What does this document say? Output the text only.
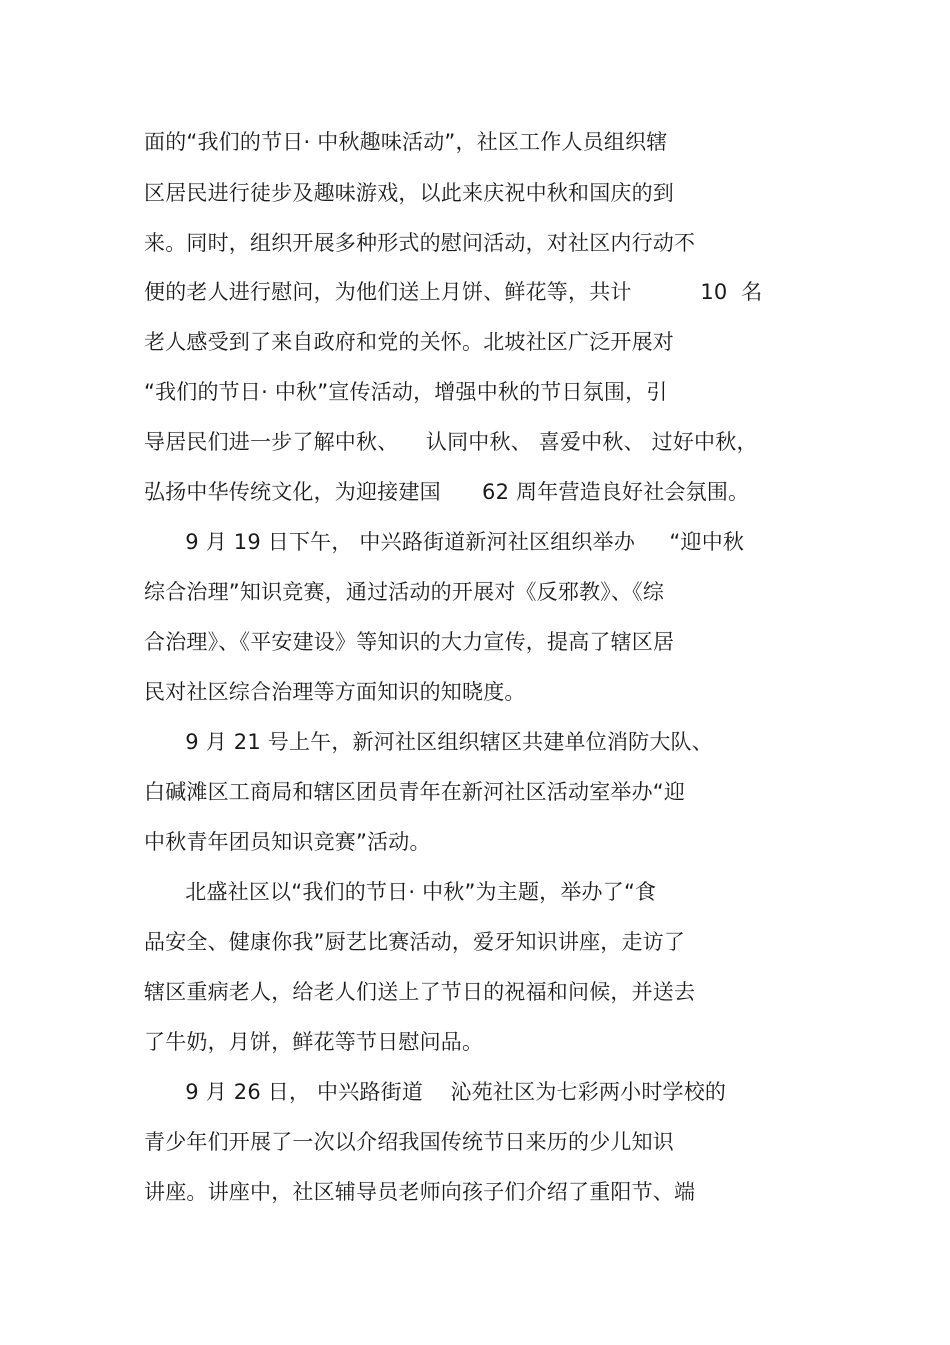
面的“我们的节日· 中秋趣味活动”，社区工作人员组织辖
区居民进行徒步及趣味游戏，以此来庆祝中秋和国庆的到
来。同时，组织开展多种形式的慰问活动，对社区内行动不
便的老人进行慰问，为他们送上月饼、鲜花等，共计          10  名
老人感受到了来自政府和党的关怀。北坡社区广泛开展对
“我们的节日· 中秋”宣传活动，增强中秋的节日氛围，引
导居民们进一步了解中秋、    认同中秋、 喜爱中秋、 过好中秋，
弘扬中华传统文化，为迎接建国      62 周年营造良好社会氛围。
9 月 19 日下午， 中兴路街道新河社区组织举办     “迎中秋
综合治理”知识竞赛，通过活动的开展对《反邪教》、《综
合治理》、《平安建设》等知识的大力宣传，提高了辖区居
民对社区综合治理等方面知识的知晓度。
9 月 21 号上午，新河社区组织辖区共建单位消防大队、
白碱滩区工商局和辖区团员青年在新河社区活动室举办“迎
中秋青年团员知识竞赛”活动。
北盛社区以“我们的节日· 中秋”为主题，举办了“食
品安全、健康你我”厨艺比赛活动，爱牙知识讲座，走访了
辖区重病老人，给老人们送上了节日的祝福和问候，并送去
了牛奶，月饼，鲜花等节日慰问品。
9 月 26 日， 中兴路街道    沁苑社区为七彩两小时学校的
青少年们开展了一次以介绍我国传统节日来历的少儿知识
讲座。讲座中，社区辅导员老师向孩子们介绍了重阳节、端
